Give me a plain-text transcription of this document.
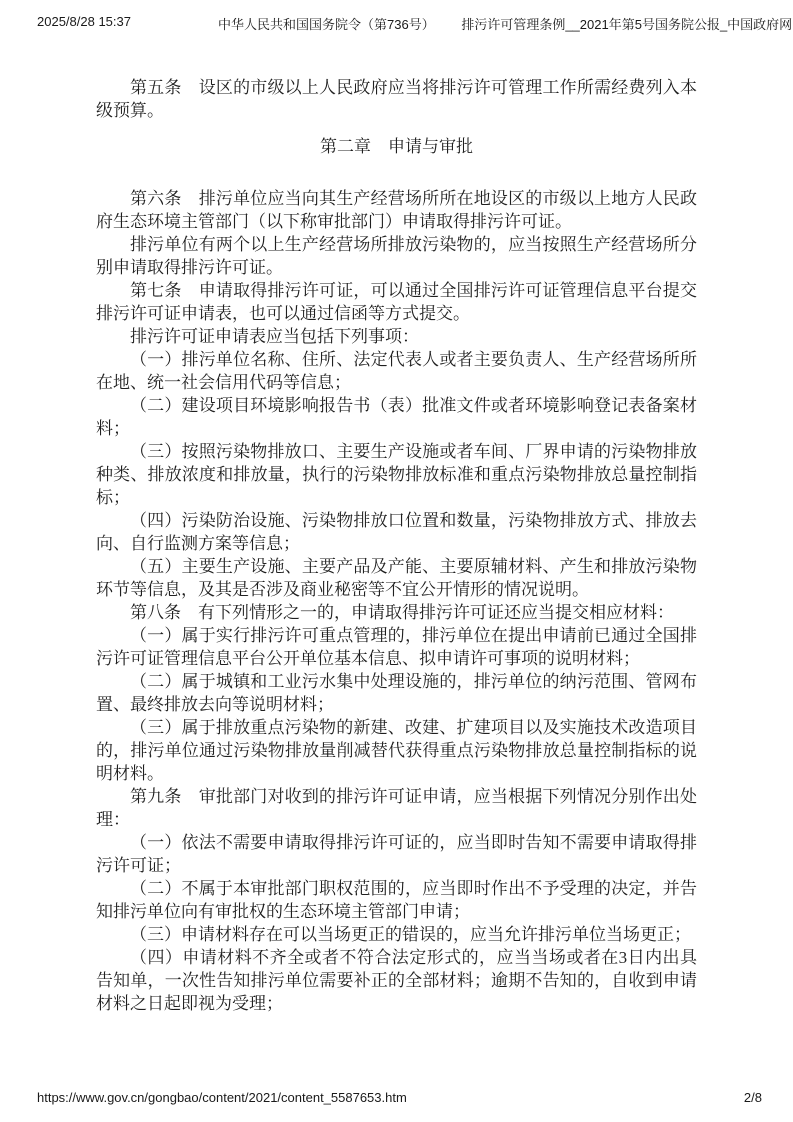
2025/8/28 15:37	中华人民共和国国务院令（第736号） 排污许可管理条例__2021年第5号国务院公报_中国政府网

第五条　设区的市级以上人民政府应当将排污许可管理工作所需经费列入本级预算。

第二章　申请与审批

第六条　排污单位应当向其生产经营场所所在地设区的市级以上地方人民政府生态环境主管部门（以下称审批部门）申请取得排污许可证。

排污单位有两个以上生产经营场所排放污染物的，应当按照生产经营场所分别申请取得排污许可证。

第七条　申请取得排污许可证，可以通过全国排污许可证管理信息平台提交排污许可证申请表，也可以通过信函等方式提交。

排污许可证申请表应当包括下列事项：

（一）排污单位名称、住所、法定代表人或者主要负责人、生产经营场所所在地、统一社会信用代码等信息；

（二）建设项目环境影响报告书（表）批准文件或者环境影响登记表备案材料；

（三）按照污染物排放口、主要生产设施或者车间、厂界申请的污染物排放种类、排放浓度和排放量，执行的污染物排放标准和重点污染物排放总量控制指标；

（四）污染防治设施、污染物排放口位置和数量，污染物排放方式、排放去向、自行监测方案等信息；

（五）主要生产设施、主要产品及产能、主要原辅材料、产生和排放污染物环节等信息，及其是否涉及商业秘密等不宜公开情形的情况说明。

第八条　有下列情形之一的，申请取得排污许可证还应当提交相应材料：

（一）属于实行排污许可重点管理的，排污单位在提出申请前已通过全国排污许可证管理信息平台公开单位基本信息、拟申请许可事项的说明材料；

（二）属于城镇和工业污水集中处理设施的，排污单位的纳污范围、管网布置、最终排放去向等说明材料；

（三）属于排放重点污染物的新建、改建、扩建项目以及实施技术改造项目的，排污单位通过污染物排放量削减替代获得重点污染物排放总量控制指标的说明材料。

第九条　审批部门对收到的排污许可证申请，应当根据下列情况分别作出处理：

（一）依法不需要申请取得排污许可证的，应当即时告知不需要申请取得排污许可证；

（二）不属于本审批部门职权范围的，应当即时作出不予受理的决定，并告知排污单位向有审批权的生态环境主管部门申请；

（三）申请材料存在可以当场更正的错误的，应当允许排污单位当场更正；

（四）申请材料不齐全或者不符合法定形式的，应当当场或者在3日内出具告知单，一次性告知排污单位需要补正的全部材料；逾期不告知的，自收到申请材料之日起即视为受理；

https://www.gov.cn/gongbao/content/2021/content_5587653.htm	2/8
